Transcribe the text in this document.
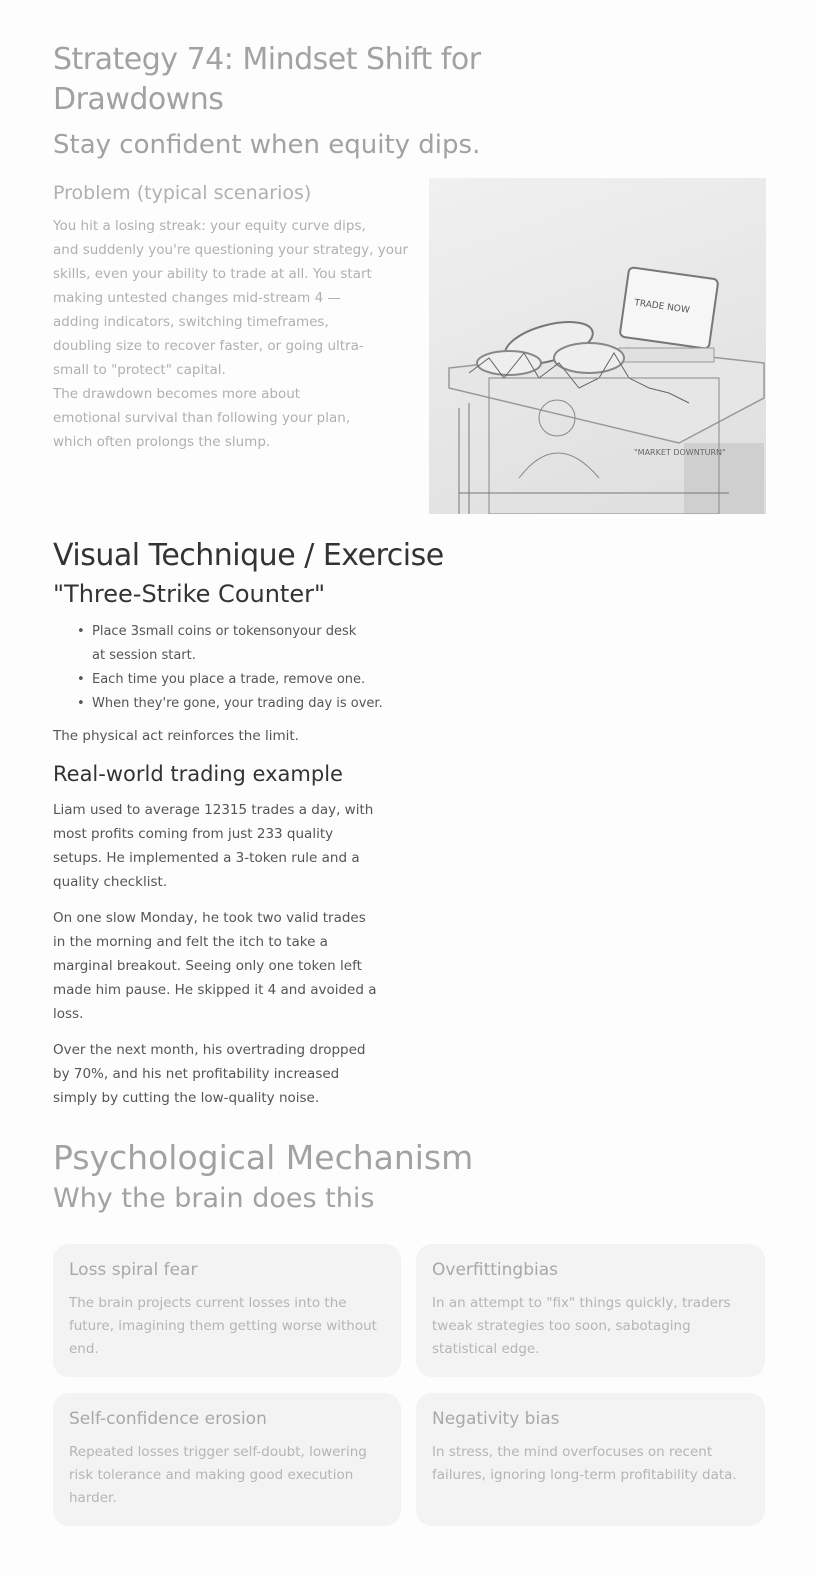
Strategy 74: Mindset Shift for
Drawdowns
Stay confident when equity dips.
Problem (typical scenarios)
You hit a losing streak: your equity curve dips,
and suddenly you're questioning your strategy, your
skills, even your ability to trade at all. You start
making untested changes mid-stream 4 —
adding indicators, switching timeframes,
doubling size to recover faster, or going ultra-
small to "protect" capital.
The drawdown becomes more about
emotional survival than following your plan,
which often prolongs the slump.
TRADE NOW
"MARKET DOWNTURN"
Visual Technique / Exercise
"Three-Strike Counter"
• Place 3small coins or tokensonyour desk
at session start.
• Each time you place a trade, remove one.
• When they're gone, your trading day is over.
The physical act reinforces the limit.
Real-world trading example
Liam used to average 12315 trades a day, with
most profits coming from just 233 quality
setups. He implemented a 3-token rule and a
quality checklist.
On one slow Monday, he took two valid trades
in the morning and felt the itch to take a
marginal breakout. Seeing only one token left
made him pause. He skipped it 4 and avoided a
loss.
Over the next month, his overtrading dropped
by 70%, and his net profitability increased
simply by cutting the low-quality noise.
Psychological Mechanism
Why the brain does this
Loss spiral fear

The brain projects current losses into the future, imagining them getting worse without end.

Overfittingbias

In an attempt to "fix" things quickly, traders tweak strategies too soon, sabotaging statistical edge.

Self-confidence erosion

Repeated losses trigger self-doubt, lowering risk tolerance and making good execution harder.

Negativity bias

In stress, the mind overfocuses on recent failures, ignoring long-term profitability data.
